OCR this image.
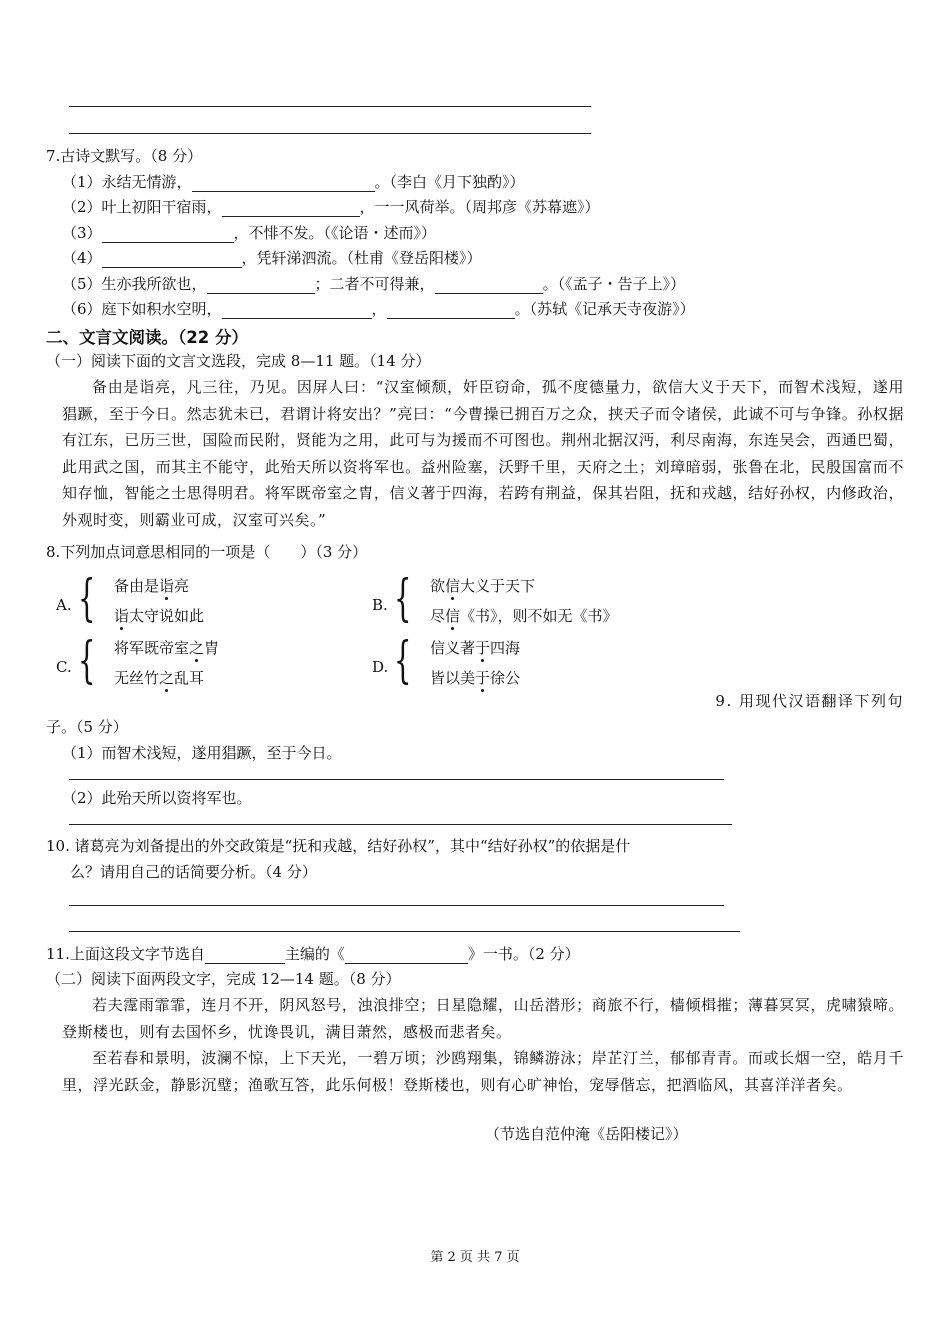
7.古诗文默写。（8 分）
（1）永结无情游，	。（李白《月下独酌》）
（2）叶上初阳干宿雨，	，一一风荷举。（周邦彦《苏幕遮》）
（3）	，不悱不发。（《论语・述而》）
（4）	，凭轩涕泗流。（杜甫《登岳阳楼》）
（5）生亦我所欲也，	；二者不可得兼，	。（《孟子・告子上》）
（6）庭下如积水空明，	，	。（苏轼《记承天寺夜游》）
二、文言文阅读。（22 分）
（一）阅读下面的文言文选段，完成 8—11 题。（14 分）

备由是诣亮，凡三往，乃见。因屏人曰：“汉室倾颓，奸臣窃命，孤不度德量力，欲信大义于天下，而智术浅短，遂用猖蹶，至于今日。然志犹未已，君谓计将安出？”亮曰：“今曹操已拥百万之众，挟天子而令诸侯，此诚不可与争锋。孙权据有江东，已历三世，国险而民附，贤能为之用，此可与为援而不可图也。荆州北据汉沔，利尽南海，东连吴会，西通巴蜀，此用武之国，而其主不能守，此殆天所以资将军也。益州险塞，沃野千里，天府之土；刘璋暗弱，张鲁在北，民殷国富而不知存恤，智能之士思得明君。将军既帝室之胄，信义著于四海，若跨有荆益，保其岩阻，抚和戎越，结好孙权，内修政治，外观时变，则霸业可成，汉室可兴矣。”

8.下列加点词意思相同的一项是（　　）（3 分）
A. { 备由是诣亮
诣太守说如此
B. { 欲信大义于天下
尽信《书》，则不如无《书》
C. { 将军既帝室之胄
无丝竹之乱耳
D. { 信义著于四海
皆以美于徐公
9. 用现代汉语翻译下列句
子。（5 分）
（1）而智术浅短，遂用猖蹶，至于今日。
（2）此殆天所以资将军也。
10. 诸葛亮为刘备提出的外交政策是“抚和戎越，结好孙权”，其中“结好孙权”的依据是什
么？请用自己的话简要分析。（4 分）
11.上面这段文字节选自	主编的《	》一书。（2 分）
（二）阅读下面两段文字，完成 12—14 题。（8 分）

若夫霪雨霏霏，连月不开，阴风怒号，浊浪排空；日星隐耀，山岳潜形；商旅不行，樯倾楫摧；薄暮冥冥，虎啸猿啼。登斯楼也，则有去国怀乡，忧谗畏讥，满目萧然，感极而悲者矣。

至若春和景明，波澜不惊，上下天光，一碧万顷；沙鸥翔集，锦鳞游泳；岸芷汀兰，郁郁青青。而或长烟一空，皓月千里，浮光跃金，静影沉璧；渔歌互答，此乐何极！登斯楼也，则有心旷神怡，宠辱偕忘，把酒临风，其喜洋洋者矣。

（节选自范仲淹《岳阳楼记》）
第 2 页 共 7 页
